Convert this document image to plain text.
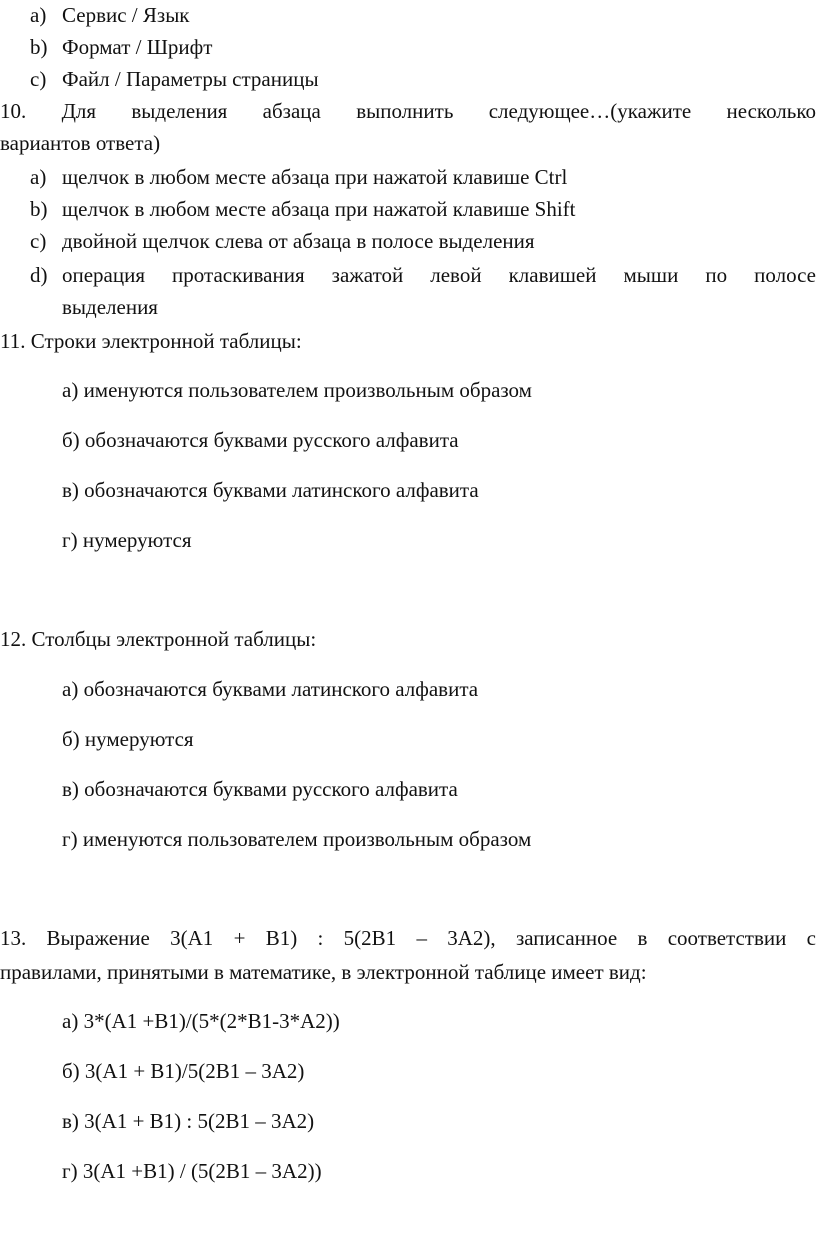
a) Сервис / Язык
b) Формат / Шрифт
c) Файл / Параметры страницы
10. Для выделения абзаца выполнить следующее…(укажите несколько
вариантов ответа)
a) щелчок в любом месте абзаца при нажатой клавише Ctrl
b) щелчок в любом месте абзаца при нажатой клавише Shift
c) двойной щелчок слева от абзаца в полосе выделения
d) операция протаскивания зажатой левой клавишей мыши по полосе
выделения
11. Строки электронной таблицы:
а) именуются пользователем произвольным образом
б) обозначаются буквами русского алфавита
в) обозначаются буквами латинского алфавита
г) нумеруются
12. Столбцы электронной таблицы:
а) обозначаются буквами латинского алфавита
б) нумеруются
в) обозначаются буквами русского алфавита
г) именуются пользователем произвольным образом
13. Выражение 3(А1 + В1) : 5(2В1 – 3А2), записанное в соответствии с
правилами, принятыми в математике, в электронной таблице имеет вид:
а) 3*(А1 +В1)/(5*(2*В1-3*А2))
б) 3(А1 + В1)/5(2В1 – 3А2)
в) 3(А1 + В1) : 5(2В1 – 3А2)
г) 3(А1 +В1) / (5(2В1 – 3А2))
